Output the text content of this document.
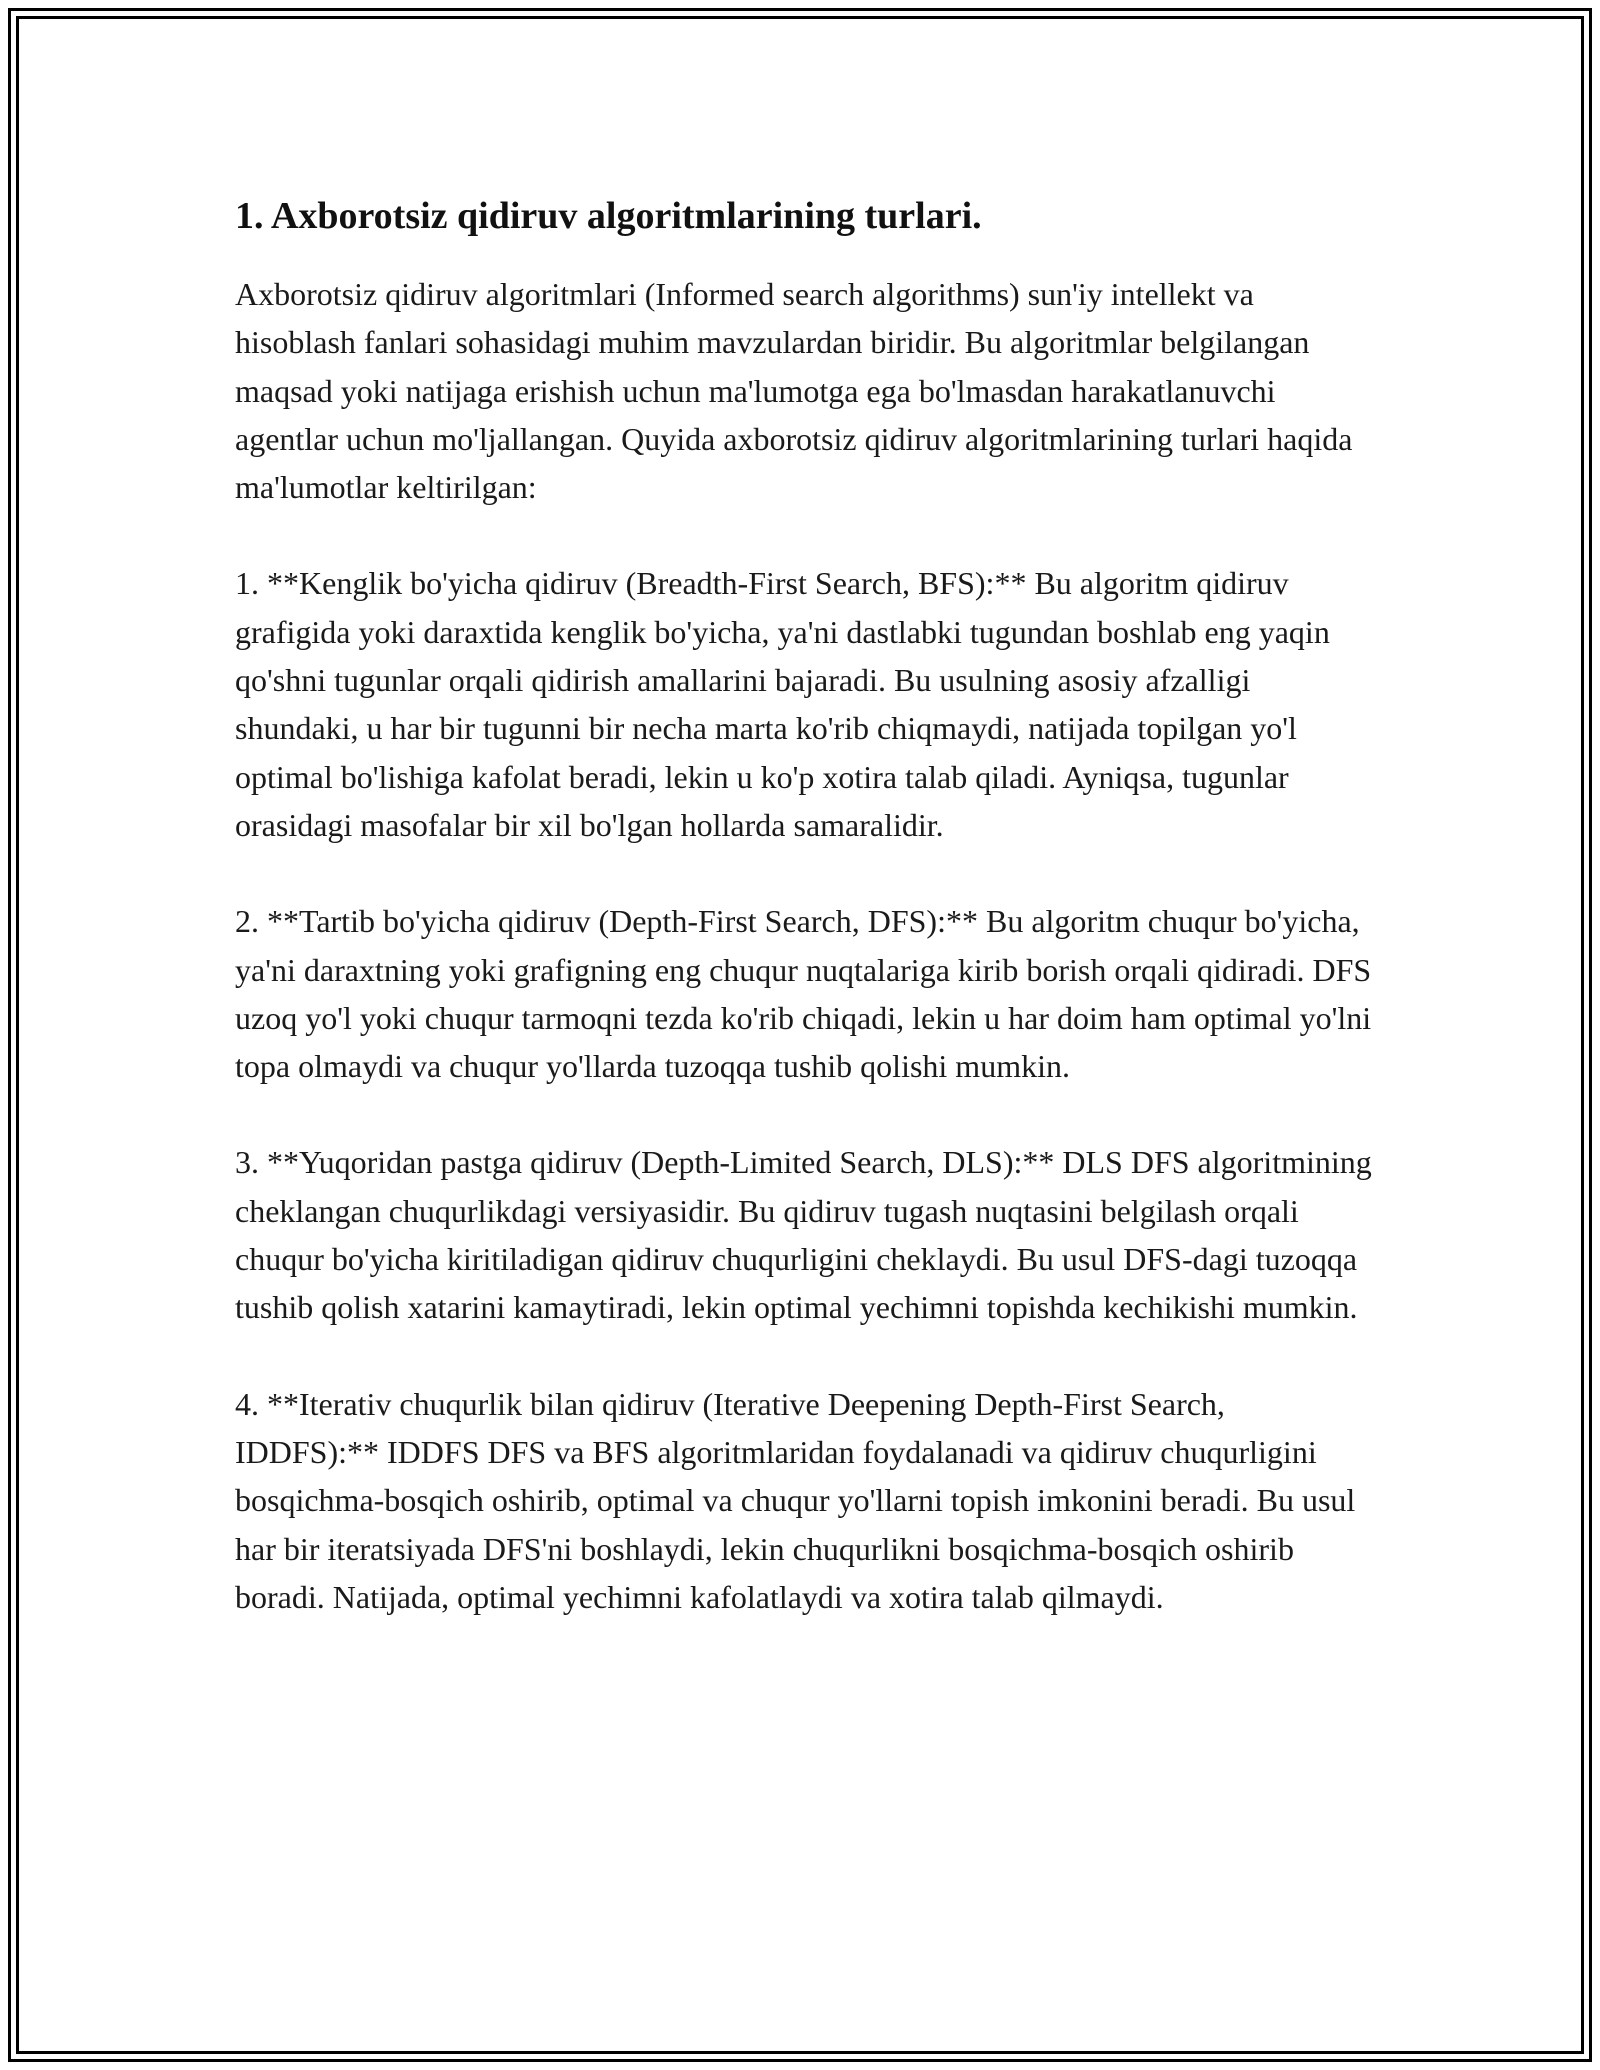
1. Axborotsiz qidiruv algoritmlarining turlari.

Axborotsiz qidiruv algoritmlari (Informed search algorithms) sun'iy intellekt va hisoblash fanlari sohasidagi muhim mavzulardan biridir. Bu algoritmlar belgilangan maqsad yoki natijaga erishish uchun ma'lumotga ega bo'lmasdan harakatlanuvchi agentlar uchun mo'ljallangan. Quyida axborotsiz qidiruv algoritmlarining turlari haqida ma'lumotlar keltirilgan:

1. **Kenglik bo'yicha qidiruv (Breadth-First Search, BFS):** Bu algoritm qidiruv grafigida yoki daraxtida kenglik bo'yicha, ya'ni dastlabki tugundan boshlab eng yaqin qo'shni tugunlar orqali qidirish amallarini bajaradi. Bu usulning asosiy afzalligi shundaki, u har bir tugunni bir necha marta ko'rib chiqmaydi, natijada topilgan yo'l optimal bo'lishiga kafolat beradi, lekin u ko'p xotira talab qiladi. Ayniqsa, tugunlar orasidagi masofalar bir xil bo'lgan hollarda samaralidir.

2. **Tartib bo'yicha qidiruv (Depth-First Search, DFS):** Bu algoritm chuqur bo'yicha, ya'ni daraxtning yoki grafigning eng chuqur nuqtalariga kirib borish orqali qidiradi. DFS uzoq yo'l yoki chuqur tarmoqni tezda ko'rib chiqadi, lekin u har doim ham optimal yo'lni topa olmaydi va chuqur yo'llarda tuzoqqa tushib qolishi mumkin.

3. **Yuqoridan pastga qidiruv (Depth-Limited Search, DLS):** DLS DFS algoritmining cheklangan chuqurlikdagi versiyasidir. Bu qidiruv tugash nuqtasini belgilash orqali chuqur bo'yicha kiritiladigan qidiruv chuqurligini cheklaydi. Bu usul DFS-dagi tuzoqqa tushib qolish xatarini kamaytiradi, lekin optimal yechimni topishda kechikishi mumkin.

4. **Iterativ chuqurlik bilan qidiruv (Iterative Deepening Depth-First Search, IDDFS):** IDDFS DFS va BFS algoritmlaridan foydalanadi va qidiruv chuqurligini bosqichma-bosqich oshirib, optimal va chuqur yo'llarni topish imkonini beradi. Bu usul har bir iteratsiyada DFS'ni boshlaydi, lekin chuqurlikni bosqichma-bosqich oshirib boradi. Natijada, optimal yechimni kafolatlaydi va xotira talab qilmaydi.
